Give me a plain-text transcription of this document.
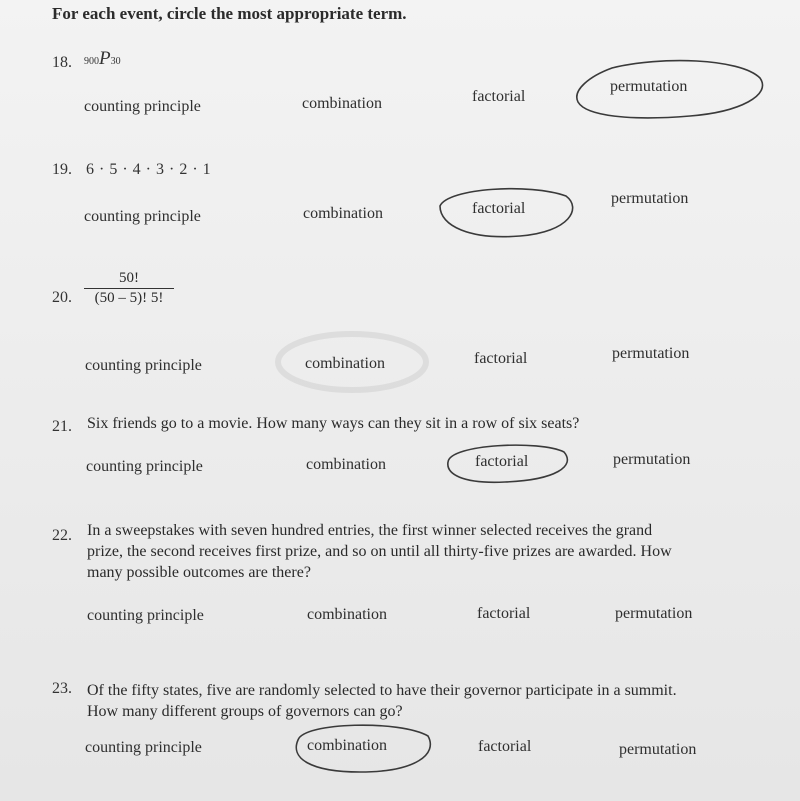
For each event, circle the most appropriate term.
18. 900P30
counting principle	combination	factorial
permutation
19. 6 · 5 · 4 · 3 · 2 · 1
counting principle	combination	factorial
permutation
20.
50!
(50 – 5)! 5!
counting principle	combination	factorial	permutation
21. Six friends go to a movie. How many ways can they sit in a row of six seats?
counting principle	combination	factorial	permutation
22. In a sweepstakes with seven hundred entries, the first winner selected receives the grand
prize, the second receives first prize, and so on until all thirty-five prizes are awarded. How
many possible outcomes are there?
counting principle	combination	factorial	permutation
23. Of the fifty states, five are randomly selected to have their governor participate in a summit.
How many different groups of governors can go?
counting principle	combination	factorial	permutation
